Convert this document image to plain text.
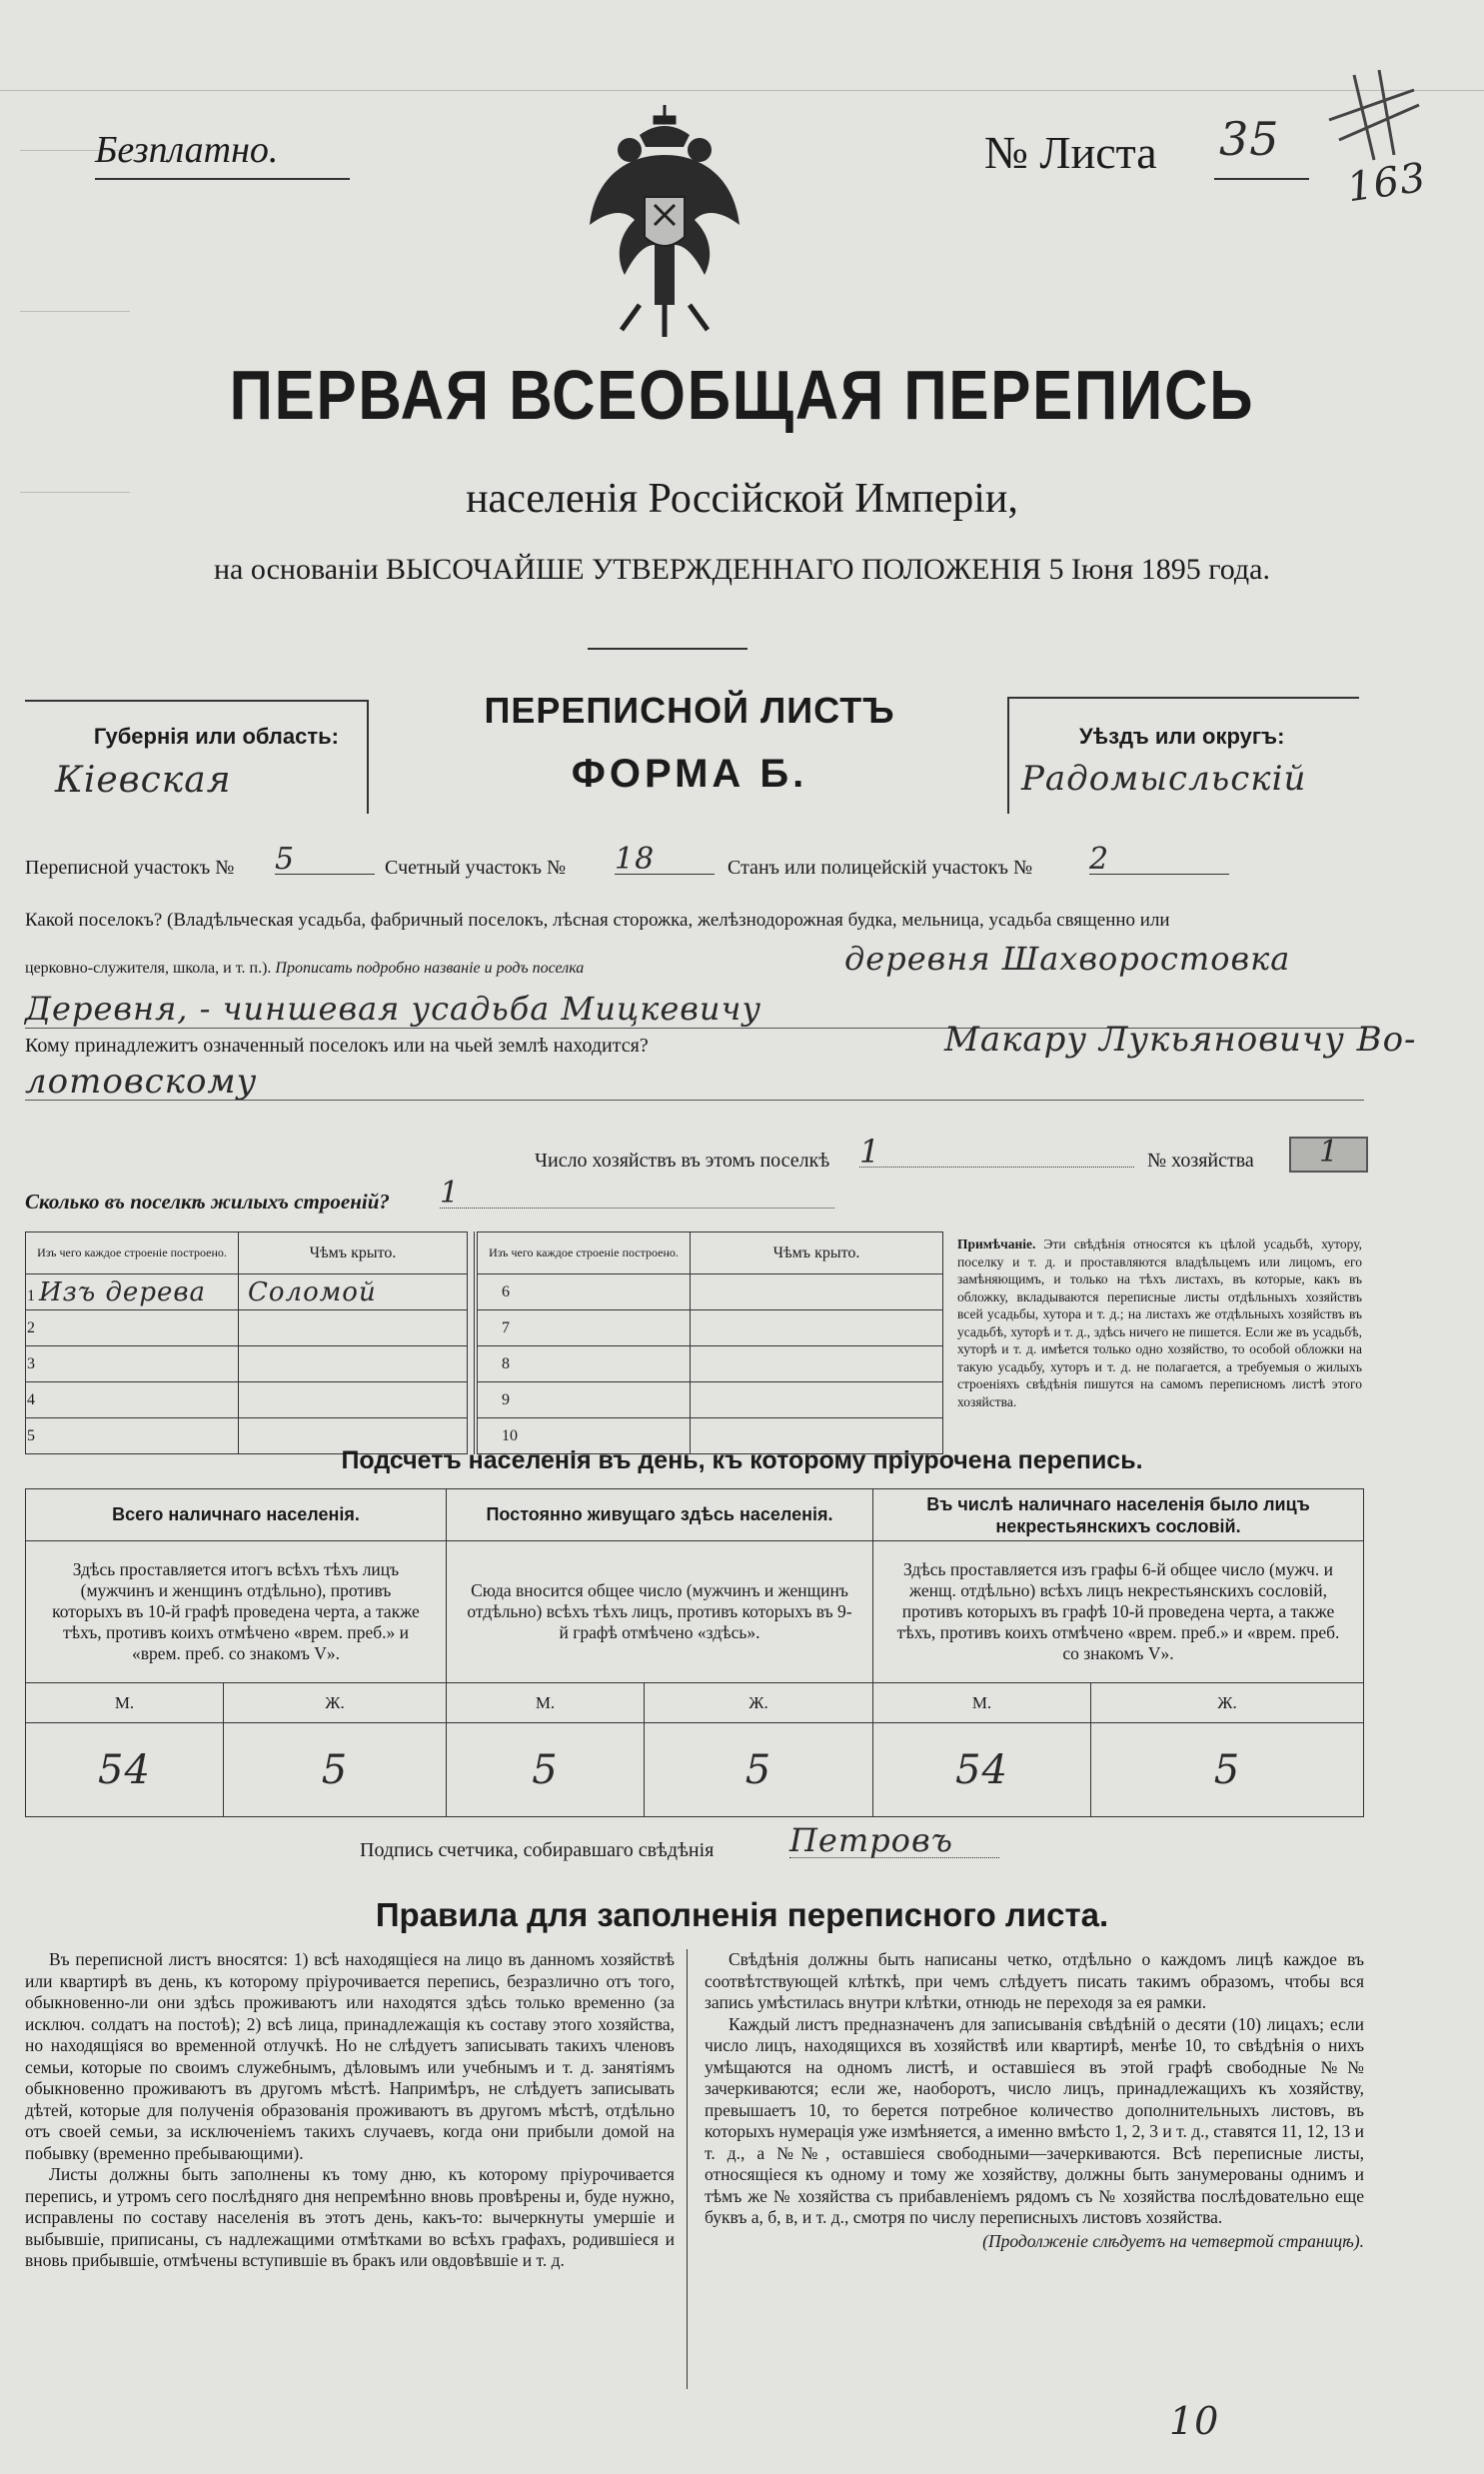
Безплатно.	№ Листа 35
163
ПЕРВАЯ ВСЕОБЩАЯ ПЕРЕПИСЬ
населенія Россійской Имперіи,
на основаніи ВЫСОЧАЙШЕ УТВЕРЖДЕННАГО ПОЛОЖЕНІЯ 5 Іюня 1895 года.
Губернія или область:
Кіевская
ПЕРЕПИСНОЙ ЛИСТЪ
ФОРМА Б.
Уѣздъ или округъ:
Радомысльскій
Переписной участокъ № 5	Счетный участокъ № 18	Станъ или полицейскій участокъ № 2
Какой поселокъ? (Владѣльческая усадьба, фабричный поселокъ, лѣсная сторожка, желѣзнодорожная будка, мельница, усадьба священно или
церковно-служителя, школа, и т. п.). Прописать подробно названіе и родъ поселка	деревня Шахворостовка
Деревня, - чиншевая усадьба Мицкевичу
Кому принадлежитъ означенный поселокъ или на чьей землѣ находится?	Макару Лукьяновичу Во-
лотовскому
Число хозяйствъ въ этомъ поселкѣ 1	№ хозяйства 1
Сколько въ поселкѣ жилыхъ строеній? 1
Изъ чего каждое строеніе построено.	Чѣмъ крыто.
1 Изъ дерева	Соломой
2	
3	
4	
5	
Изъ чего каждое строеніе построено.	Чѣмъ крыто.
6	
7	
8	
9	
10	
Примѣчаніе. Эти свѣдѣнія относятся къ цѣлой усадьбѣ, хутору, поселку и т. д. и проставляются владѣльцемъ или лицомъ, его замѣняющимъ, и только на тѣхъ листахъ, въ которые, какъ въ обложку, вкладываются переписные листы отдѣльныхъ хозяйствъ всей усадьбы, хутора и т. д.; на листахъ же отдѣльныхъ хозяйствъ въ усадьбѣ, хуторѣ и т. д., здѣсь ничего не пишется. Если же въ усадьбѣ, хуторѣ и т. д. имѣется только одно хозяйство, то особой обложки на такую усадьбу, хуторъ и т. д. не полагается, а требуемыя о жилыхъ строеніяхъ свѣдѣнія пишутся на самомъ переписномъ листѣ этого хозяйства.
Подсчетъ населенія въ день, къ которому пріурочена перепись.
Всего наличнаго населенія.		Постоянно живущаго здѣсь населенія.		Въ числѣ наличнаго населенія было лицъ некрестьянскихъ сословій.	
Здѣсь проставляется итогъ всѣхъ тѣхъ лицъ (мужчинъ и женщинъ отдѣльно), противъ которыхъ въ 10-й графѣ проведена черта, а также тѣхъ, противъ коихъ отмѣчено «врем. преб.» и «врем. преб. со знакомъ V».		Сюда вносится общее число (мужчинъ и женщинъ отдѣльно) всѣхъ тѣхъ лицъ, противъ которыхъ въ 9-й графѣ отмѣчено «здѣсь».		Здѣсь проставляется изъ графы 6-й общее число (мужч. и женщ. отдѣльно) всѣхъ лицъ некрестьянскихъ сословій, противъ которыхъ въ графѣ 10-й проведена черта, а также тѣхъ, противъ коихъ отмѣчено «врем. преб.» и «врем. преб. со знакомъ V».	
М.	Ж.	М.	Ж.	М.	Ж.
54	5	5	5	54	5
Подпись счетчика, собиравшаго свѣдѣнія Петровъ
Правила для заполненія переписного листа.
Въ переписной листъ вносятся: 1) всѣ находящіеся на лицо въ данномъ хозяйствѣ или квартирѣ въ день, къ которому пріурочивается перепись, безразлично отъ того, обыкновенно-ли они здѣсь проживаютъ или находятся здѣсь только временно (за исключ. солдатъ на постоѣ); 2) всѣ лица, принадлежащія къ составу этого хозяйства, но находящіяся во временной отлучкѣ. Но не слѣдуетъ записывать такихъ членовъ семьи, которые по своимъ служебнымъ, дѣловымъ или учебнымъ и т. д. занятіямъ обыкновенно проживаютъ въ другомъ мѣстѣ. Напримѣръ, не слѣдуетъ записывать дѣтей, которые для полученія образованія проживаютъ въ другомъ мѣстѣ, отдѣльно отъ своей семьи, за исключеніемъ такихъ случаевъ, когда они прибыли домой на побывку (временно пребывающими).
Листы должны быть заполнены къ тому дню, къ которому пріурочивается перепись, и утромъ сего послѣдняго дня непремѣнно вновь провѣрены и, буде нужно, исправлены по составу населенія въ этотъ день, какъ-то: вычеркнуты умершіе и выбывшіе, приписаны, съ надлежащими отмѣтками во всѣхъ графахъ, родившіеся и вновь прибывшіе, отмѣчены вступившіе въ бракъ или овдовѣвшіе и т. д.
Свѣдѣнія должны быть написаны четко, отдѣльно о каждомъ лицѣ каждое въ соотвѣтствующей клѣткѣ, при чемъ слѣдуетъ писать такимъ образомъ, чтобы вся запись умѣстилась внутри клѣтки, отнюдь не переходя за ея рамки.
Каждый листъ предназначенъ для записыванія свѣдѣній о десяти (10) лицахъ; если число лицъ, находящихся въ хозяйствѣ или квартирѣ, менѣе 10, то свѣдѣнія о нихъ умѣщаются на одномъ листѣ, и оставшіеся въ этой графѣ свободные №№ зачеркиваются; если же, наоборотъ, число лицъ, принадлежащихъ къ хозяйству, превышаетъ 10, то берется потребное количество дополнительныхъ листовъ, въ которыхъ нумерація уже измѣняется, а именно вмѣсто 1, 2, 3 и т. д., ставятся 11, 12, 13 и т. д., а №№, оставшіеся свободными—зачеркиваются. Всѣ переписные листы, относящіеся къ одному и тому же хозяйству, должны быть занумерованы однимъ и тѣмъ же № хозяйства съ прибавленіемъ рядомъ съ № хозяйства послѣдовательно еще буквъ а, б, в, и т. д., смотря по числу переписныхъ листовъ хозяйства.
(Продолженіе слѣдуетъ на четвертой страницѣ).
10
